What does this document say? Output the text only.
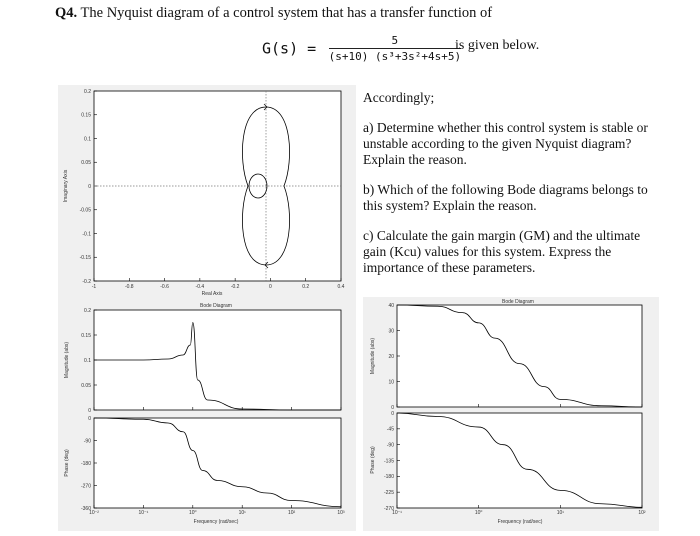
Q4. The Nyquist diagram of a control system that has a transfer function of
$G(s) = \frac{5}{\text{(s+10) (s³+3s²+4s+5)}}$
is given below.

Accordingly;

a) Determine whether this control system is stable or unstable according to the given Nyquist diagram? Explain the reason.

b) Which of the following Bode diagrams belongs to this system? Explain the reason.

c) Calculate the gain margin (GM) and the ultimate gain (Kcu) values for this system. Express the importance of these parameters.

0.2
0.15
0.1
0.05
0
-0.05
-0.1
-0.15
-0.2
-1	-0.8	-0.6	-0.4	-0.2	0	0.2	0.4
Real Axis
Imaginary Axis
Bode Diagram
0.2
0.15
0.1
0.05
0
0
-90
-180
-270
-360
10⁻²	10⁻¹	10⁰	10¹	10²	10³
Frequency (rad/sec)
Magnitude (abs)
Phase (deg)
Bode Diagram
40
30
20
10
0
0
-45
-90
-135
-180
-225
-270
10⁻¹	10⁰	10¹	10²
Frequency (rad/sec)
Magnitude (abs)
Phase (deg)
